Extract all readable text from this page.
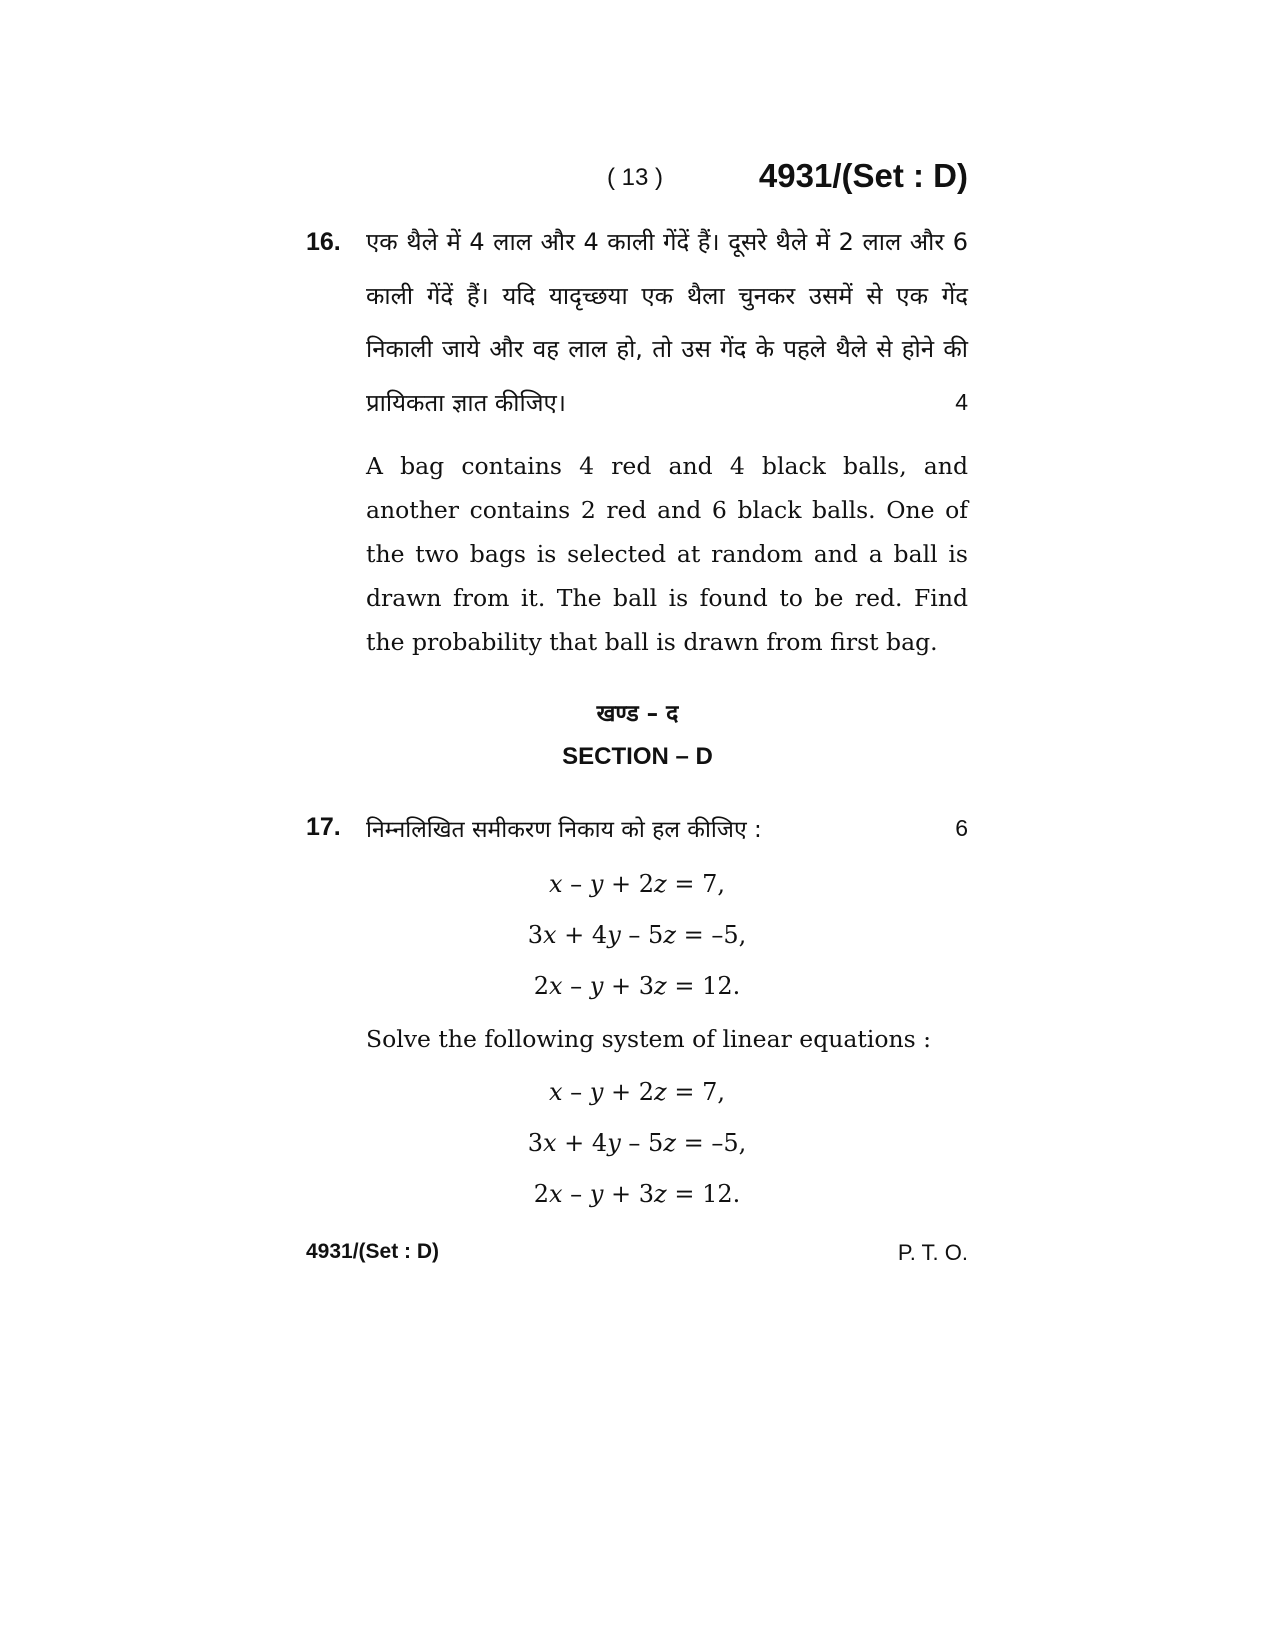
( 13 )	4931/(Set : D)
16. एक थैले में 4 लाल और 4 काली गेंदें हैं। दूसरे थैले में 2 लाल और 6 काली गेंदें हैं। यदि यादृच्छया एक थैला चुनकर उसमें से एक गेंद निकाली जाये और वह लाल हो, तो उस गेंद के पहले थैले से होने की प्रायिकता ज्ञात कीजिए।	4

A bag contains 4 red and 4 black balls, and another contains 2 red and 6 black balls. One of the two bags is selected at random and a ball is drawn from it. The ball is found to be red. Find the probability that ball is drawn from first bag.

खण्ड – द
SECTION – D
17. निम्नलिखित समीकरण निकाय को हल कीजिए :	6
x – y + 2z = 7,
3x + 4y – 5z = –5,
2x – y + 3z = 12.
Solve the following system of linear equations :
x – y + 2z = 7,
3x + 4y – 5z = –5,
2x – y + 3z = 12.
4931/(Set : D)	P. T. O.
